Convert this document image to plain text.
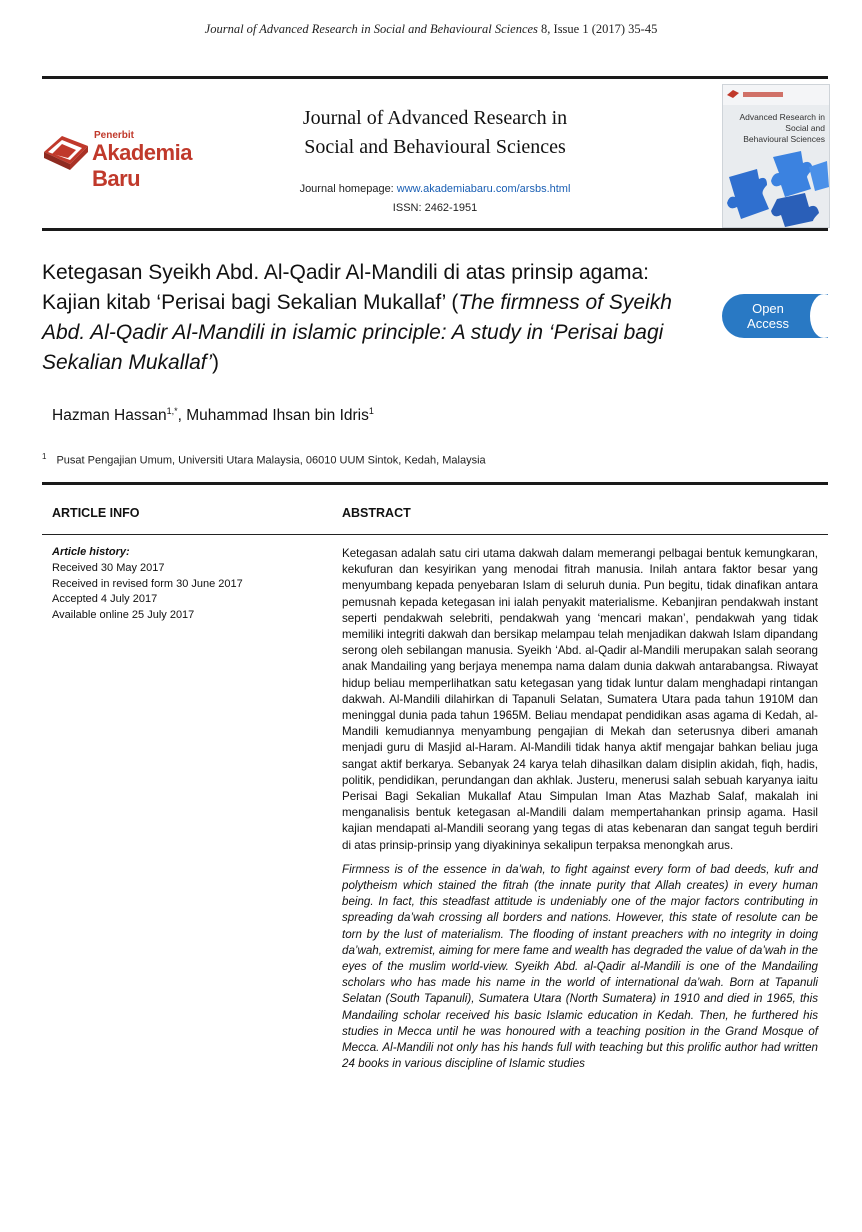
Journal of Advanced Research in Social and Behavioural Sciences 8, Issue 1 (2017) 35-45
Penerbit
Akademia Baru
Journal of Advanced Research in
Social and Behavioural Sciences
Journal homepage: www.akademiabaru.com/arsbs.html
ISSN: 2462-1951
Advanced Research in
Social and
Behavioural Sciences
Ketegasan Syeikh Abd. Al-Qadir Al-Mandili di atas prinsip agama: Kajian kitab ‘Perisai bagi Sekalian Mukallaf’ (The firmness of Syeikh Abd. Al-Qadir Al-Mandili in islamic principle: A study in ‘Perisai bagi Sekalian Mukallaf’)
Open
Access
Hazman Hassan$^{1,*}$, Muhammad Ihsan bin Idris$^1$
$^1$ Pusat Pengajian Umum, Universiti Utara Malaysia, 06010 UUM Sintok, Kedah, Malaysia
ARTICLE INFO	ABSTRACT
Article history:
Received 30 May 2017
Received in revised form 30 June 2017
Accepted 4 July 2017
Available online 25 July 2017

Ketegasan adalah satu ciri utama dakwah dalam memerangi pelbagai bentuk kemungkaran, kekufuran dan kesyirikan yang menodai fitrah manusia. Inilah antara faktor besar yang menyumbang kepada penyebaran Islam di seluruh dunia. Pun begitu, tidak dinafikan antara pemusnah kepada ketegasan ini ialah penyakit materialisme. Kebanjiran pendakwah instant seperti pendakwah selebriti, pendakwah yang ‘mencari makan’, pendakwah yang tidak memiliki integriti dakwah dan bersikap melampau telah menjadikan dakwah Islam dipandang serong oleh sebilangan manusia. Syeikh ‘Abd. al-Qadir al-Mandili merupakan salah seorang anak Mandailing yang berjaya menempa nama dalam dunia dakwah antarabangsa. Riwayat hidup beliau memperlihatkan satu ketegasan yang tidak luntur dalam menghadapi rintangan dakwah. Al-Mandili dilahirkan di Tapanuli Selatan, Sumatera Utara pada tahun 1910M dan meninggal dunia pada tahun 1965M. Beliau mendapat pendidikan asas agama di Kedah, al-Mandili kemudiannya menyambung pengajian di Mekah dan seterusnya diberi amanah menjadi guru di Masjid al-Haram. Al-Mandili tidak hanya aktif mengajar bahkan beliau juga sangat aktif berkarya. Sebanyak 24 karya telah dihasilkan dalam disiplin akidah, fiqh, hadis, politik, pendidikan, perundangan dan akhlak. Justeru, menerusi salah sebuah karyanya iaitu Perisai Bagi Sekalian Mukallaf Atau Simpulan Iman Atas Mazhab Salaf, makalah ini menganalisis bentuk ketegasan al-Mandili dalam mempertahankan prinsip agama. Hasil kajian mendapati al-Mandili seorang yang tegas di atas kebenaran dan sangat teguh berdiri di atas prinsip-prinsip yang diyakininya sekalipun terpaksa menongkah arus.

Firmness is of the essence in da’wah, to fight against every form of bad deeds, kufr and polytheism which stained the fitrah (the innate purity that Allah creates) in every human being. In fact, this steadfast attitude is undeniably one of the major factors contributing in spreading da’wah crossing all borders and nations. However, this state of resolute can be torn by the lust of materialism. The flooding of instant preachers with no integrity in doing da’wah, extremist, aiming for mere fame and wealth has degraded the value of da’wah in the eyes of the muslim world-view. Syeikh Abd. al-Qadir al-Mandili is one of the Mandailing scholars who has made his name in the world of international da’wah. Born at Tapanuli Selatan (South Tapanuli), Sumatera Utara (North Sumatera) in 1910 and died in 1965, this Mandailing scholar received his basic Islamic education in Kedah. Then, he furthered his studies in Mecca until he was honoured with a teaching position in the Grand Mosque of Mecca. Al-Mandili not only has his hands full with teaching but this prolific author had written 24 books in various discipline of Islamic studies
